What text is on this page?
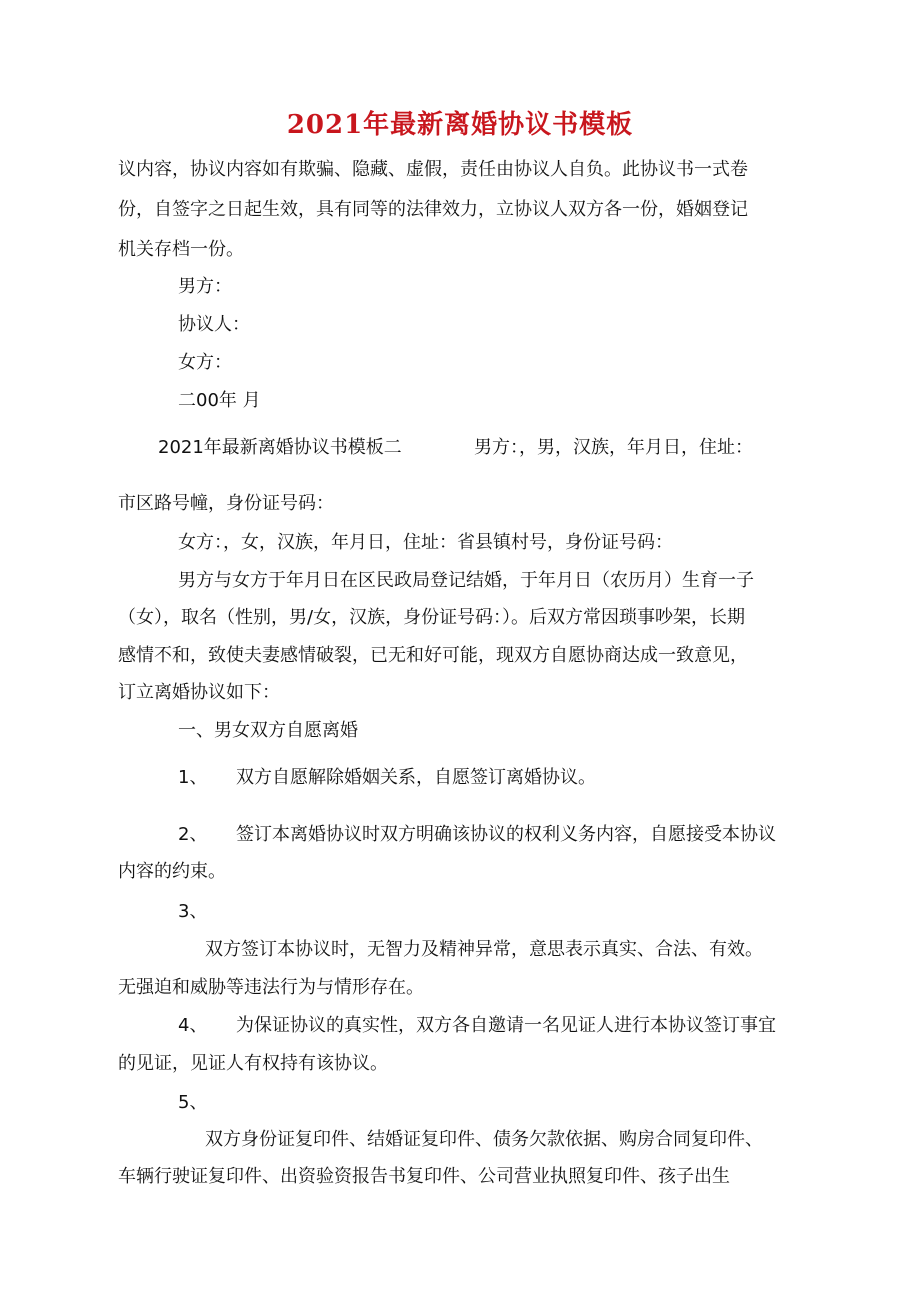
2021年最新离婚协议书模板
议内容，协议内容如有欺骗、隐藏、虚假，责任由协议人自负。此协议书一式卷
份，自签字之日起生效，具有同等的法律效力，立协议人双方各一份，婚姻登记
机关存档一份。
男方：
协议人：
女方：
二00年 月
2021年最新离婚协议书模板二	男方：，男，汉族，年月日，住址：
市区路号幢，身份证号码：
女方：，女，汉族，年月日，住址：省县镇村号，身份证号码：
男方与女方于年月日在区民政局登记结婚，于年月日（农历月）生育一子
（女），取名（性别，男/女，汉族，身份证号码：）。后双方常因琐事吵架，长期
感情不和，致使夫妻感情破裂，已无和好可能，现双方自愿协商达成一致意见，
订立离婚协议如下：
一、男女双方自愿离婚
1、 双方自愿解除婚姻关系，自愿签订离婚协议。
2、 签订本离婚协议时双方明确该协议的权利义务内容，自愿接受本协议
内容的约束。
3、
双方签订本协议时，无智力及精神异常，意思表示真实、合法、有效。
无强迫和威胁等违法行为与情形存在。
4、 为保证协议的真实性，双方各自邀请一名见证人进行本协议签订事宜
的见证，见证人有权持有该协议。
5、
双方身份证复印件、结婚证复印件、债务欠款依据、购房合同复印件、
车辆行驶证复印件、出资验资报告书复印件、公司营业执照复印件、孩子出生
